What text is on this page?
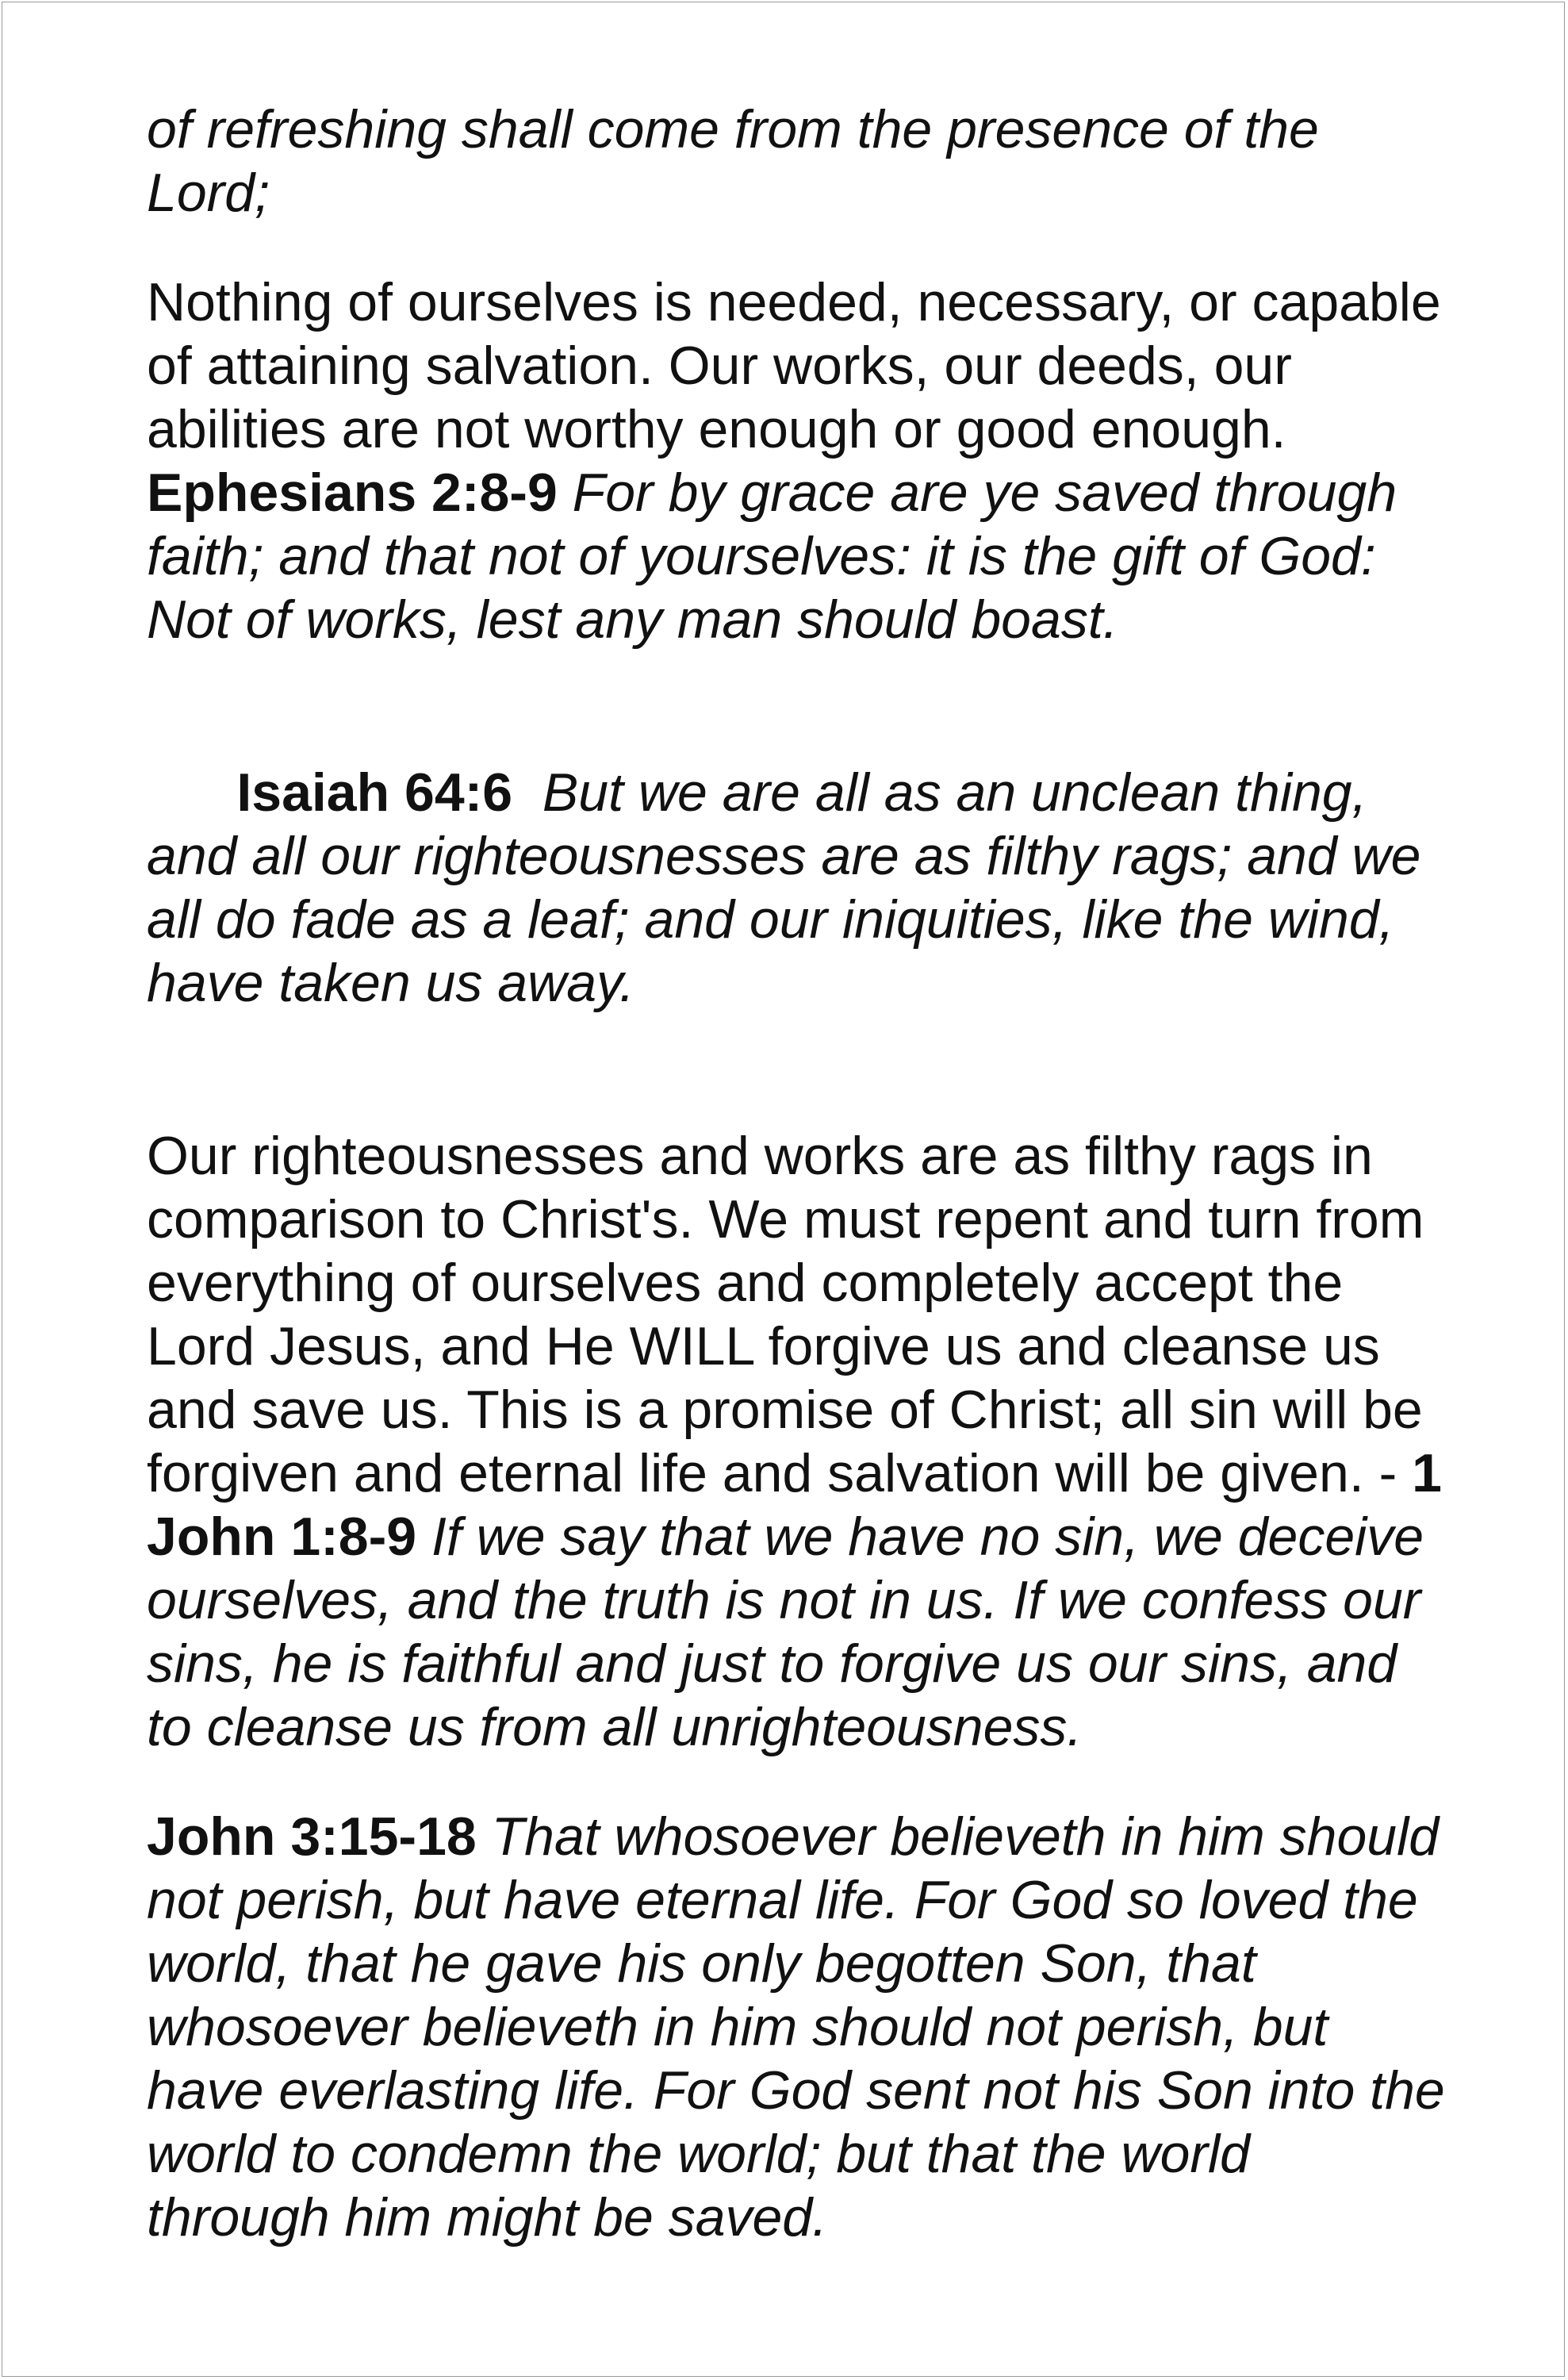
of refreshing shall come from the presence of the Lord;

Nothing of ourselves is needed, necessary, or capable of attaining salvation. Our works, our deeds, our abilities are not worthy enough or good enough. Ephesians 2:8-9 For by grace are ye saved through faith; and that not of yourselves: it is the gift of God: Not of works, lest any man should boast.

Isaiah 64:6  But we are all as an unclean thing, and all our righteousnesses are as filthy rags; and we all do fade as a leaf; and our iniquities, like the wind, have taken us away.

Our righteousnesses and works are as filthy rags in comparison to Christ's. We must repent and turn from everything of ourselves and completely accept the Lord Jesus, and He WILL forgive us and cleanse us and save us. This is a promise of Christ; all sin will be forgiven and eternal life and salvation will be given. - 1 John 1:8-9 If we say that we have no sin, we deceive ourselves, and the truth is not in us. If we confess our sins, he is faithful and just to forgive us our sins, and to cleanse us from all unrighteousness.

John 3:15-18 That whosoever believeth in him should not perish, but have eternal life. For God so loved the world, that he gave his only begotten Son, that whosoever believeth in him should not perish, but have everlasting life. For God sent not his Son into the world to condemn the world; but that the world through him might be saved.
